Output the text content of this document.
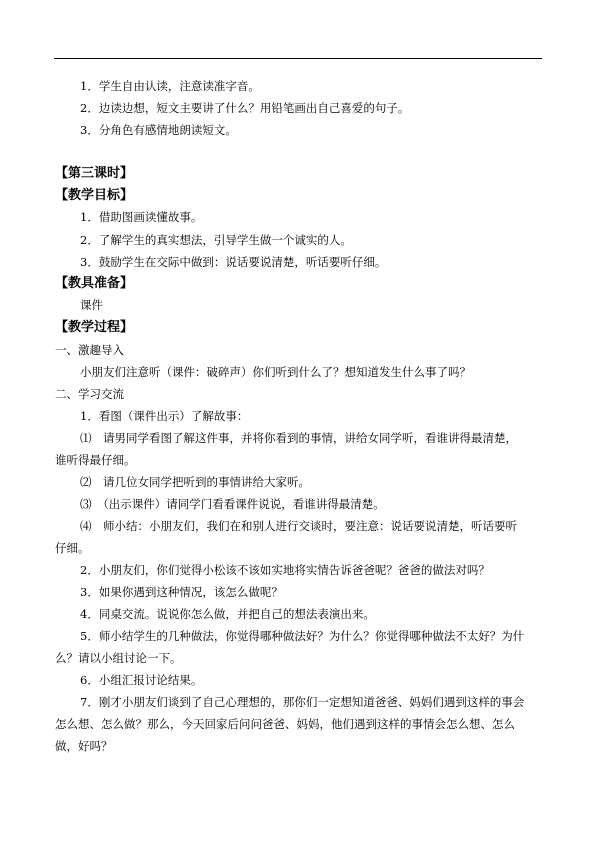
1．学生自由认读，注意读准字音。
2．边读边想，短文主要讲了什么？用铅笔画出自己喜爱的句子。
3．分角色有感情地朗读短文。
【第三课时】
【教学目标】
1．借助图画读懂故事。
2．了解学生的真实想法，引导学生做一个诚实的人。
3．鼓励学生在交际中做到：说话要说清楚，听话要听仔细。
【教具准备】
课件
【教学过程】
一、激趣导入
小朋友们注意听（课件：破碎声）你们听到什么了？想知道发生什么事了吗？
二、学习交流
1．看图（课件出示）了解故事：
⑴　请男同学看图了解这件事，并将你看到的事情，讲给女同学听，看谁讲得最清楚，
谁听得最仔细。
⑵　请几位女同学把听到的事情讲给大家听。
⑶　（出示课件）请同学门看看课件说说，看谁讲得最清楚。
⑷　师小结：小朋友们，我们在和别人进行交谈时，要注意：说话要说清楚，听话要听
仔细。
2．小朋友们，你们觉得小松该不该如实地将实情告诉爸爸呢？爸爸的做法对吗？
3．如果你遇到这种情况，该怎么做呢？
4．同桌交流。说说你怎么做，并把自己的想法表演出来。
5．师小结学生的几种做法，你觉得哪种做法好？为什么？你觉得哪种做法不太好？为什
么？请以小组讨论一下。
6．小组汇报讨论结果。
7．刚才小朋友们谈到了自己心理想的，那你们一定想知道爸爸、妈妈们遇到这样的事会
怎么想、怎么做？那么，今天回家后问问爸爸、妈妈，他们遇到这样的事情会怎么想、怎么
做，好吗？
